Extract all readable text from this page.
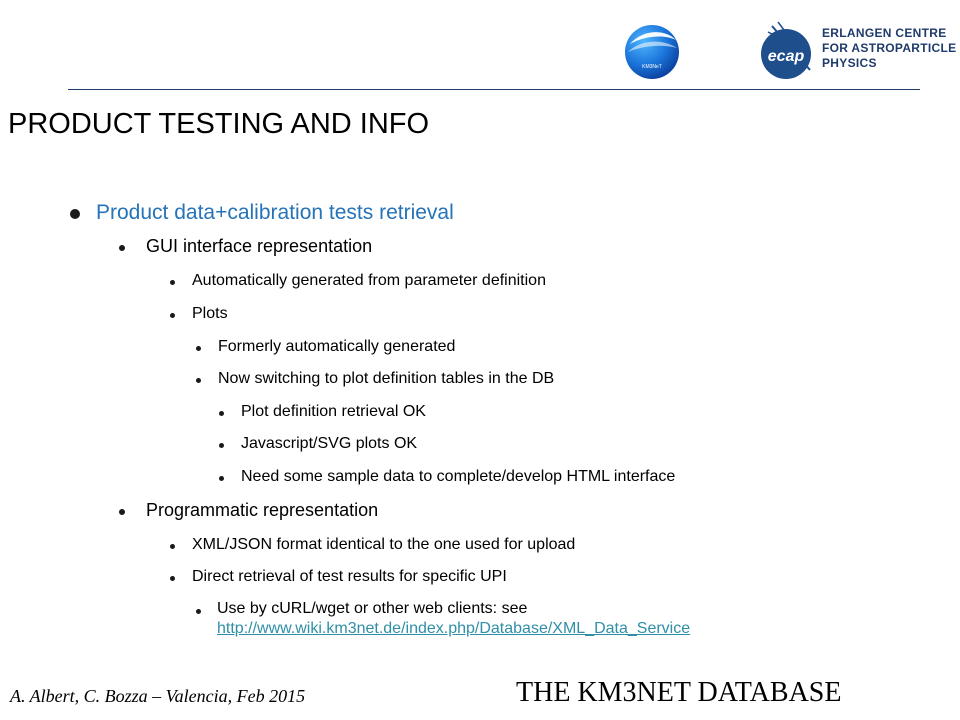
KM3NeT
ecap
ERLANGEN CENTRE
FOR ASTROPARTICLE
PHYSICS
PRODUCT TESTING AND INFO
Product data+calibration tests retrieval
GUI interface representation
Automatically generated from parameter definition
Plots
Formerly automatically generated
Now switching to plot definition tables in the DB
Plot definition retrieval OK
Javascript/SVG plots OK
Need some sample data to complete/develop HTML interface
Programmatic representation
XML/JSON format identical to the one used for upload
Direct retrieval of test results for specific UPI
Use by cURL/wget or other web clients: see
http://www.wiki.km3net.de/index.php/Database/XML_Data_Service
A. Albert, C. Bozza – Valencia, Feb 2015	THE KM3NET DATABASE
